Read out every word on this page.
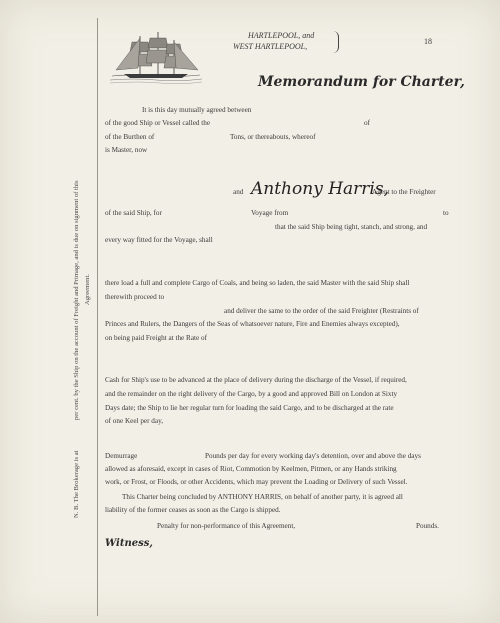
N. B. The Brokerage is at
per cent. by the Ship on the account of Freight and Primage, and is due on signment of this Agreement.
HARTLEPOOL, and
WEST HARTLEPOOL,
18
Memorandum for Charter,
It is this day mutually agreed between
of the good Ship or Vessel called the	of
of the Burthen of	Tons, or thereabouts, whereof
is Master, now
and Anthony Harris,
Agent to the Freighter
of the said Ship, for	Voyage from	to
that the said Ship being tight, stanch, and strong, and
every way fitted for the Voyage, shall
there load a full and complete Cargo of Coals, and being so laden, the said Master with the said Ship shall
therewith proceed to
and deliver the same to the order of the said Freighter (Restraints of
Princes and Rulers, the Dangers of the Seas of whatsoever nature, Fire and Enemies always excepted),
on being paid Freight at the Rate of
Cash for Ship's use to be advanced at the place of delivery during the discharge of the Vessel, if required,
and the remainder on the right delivery of the Cargo, by a good and approved Bill on London at Sixty
Days date; the Ship to lie her regular turn for loading the said Cargo, and to be discharged at the rate
of one Keel per day,
Demurrage	Pounds per day for every working day's detention, over and above the days
allowed as aforesaid, except in cases of Riot, Commotion by Keelmen, Pitmen, or any Hands striking
work, or Frost, or Floods, or other Accidents, which may prevent the Loading or Delivery of such Vessel.
This Charter being concluded by ANTHONY HARRIS, on behalf of another party, it is agreed all
liability of the former ceases as soon as the Cargo is shipped.
Penalty for non-performance of this Agreement,	Pounds.
Witness,
